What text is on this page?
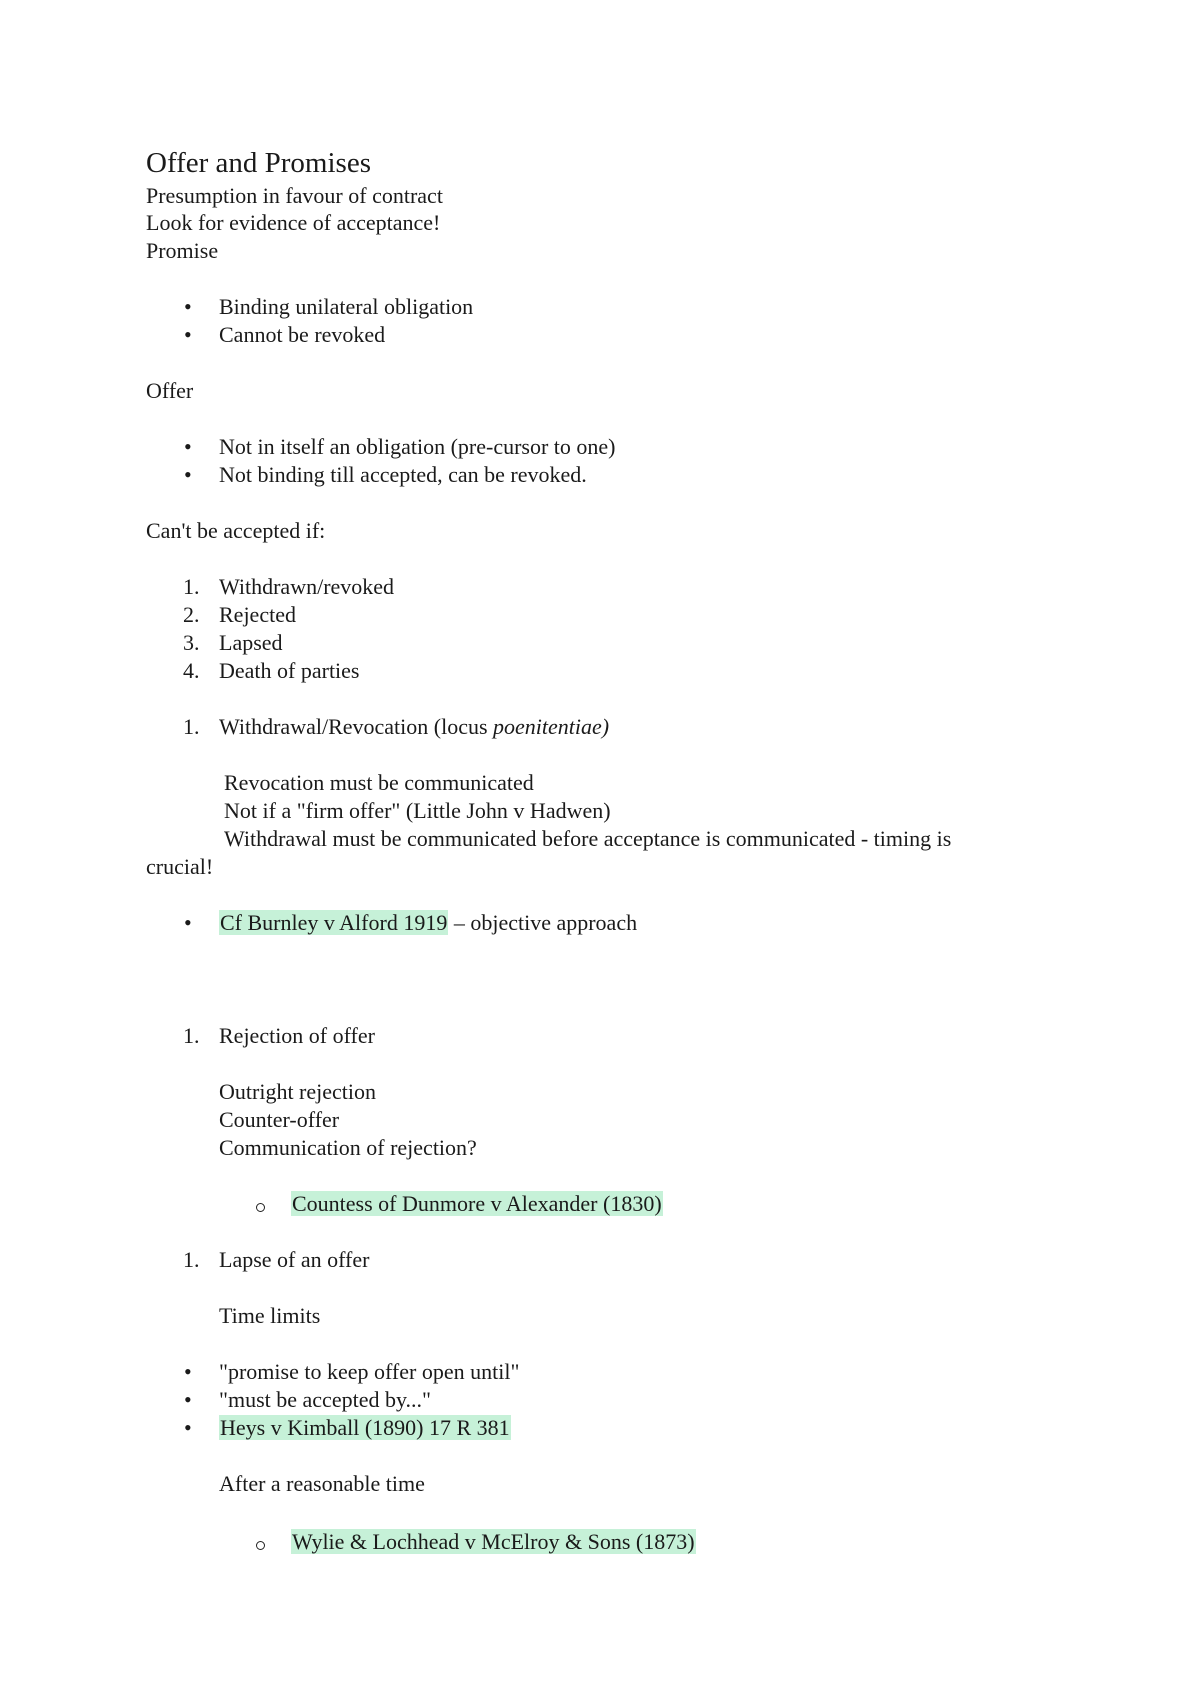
Offer and Promises
Presumption in favour of contract
Look for evidence of acceptance!
Promise
• Binding unilateral obligation
• Cannot be revoked
Offer
• Not in itself an obligation (pre-cursor to one)
• Not binding till accepted, can be revoked.
Can't be accepted if:
1. Withdrawn/revoked
2. Rejected
3. Lapsed
4. Death of parties
1. Withdrawal/Revocation (locus poenitentiae)
Revocation must be communicated
Not if a "firm offer" (Little John v Hadwen)
Withdrawal must be communicated before acceptance is communicated - timing is
crucial!
• Cf Burnley v Alford 1919 – objective approach
1. Rejection of offer
Outright rejection
Counter-offer
Communication of rejection?
Countess of Dunmore v Alexander (1830)
1. Lapse of an offer
Time limits
• "promise to keep offer open until"
• "must be accepted by..."
• Heys v Kimball (1890) 17 R 381
After a reasonable time
Wylie & Lochhead v McElroy & Sons (1873)
